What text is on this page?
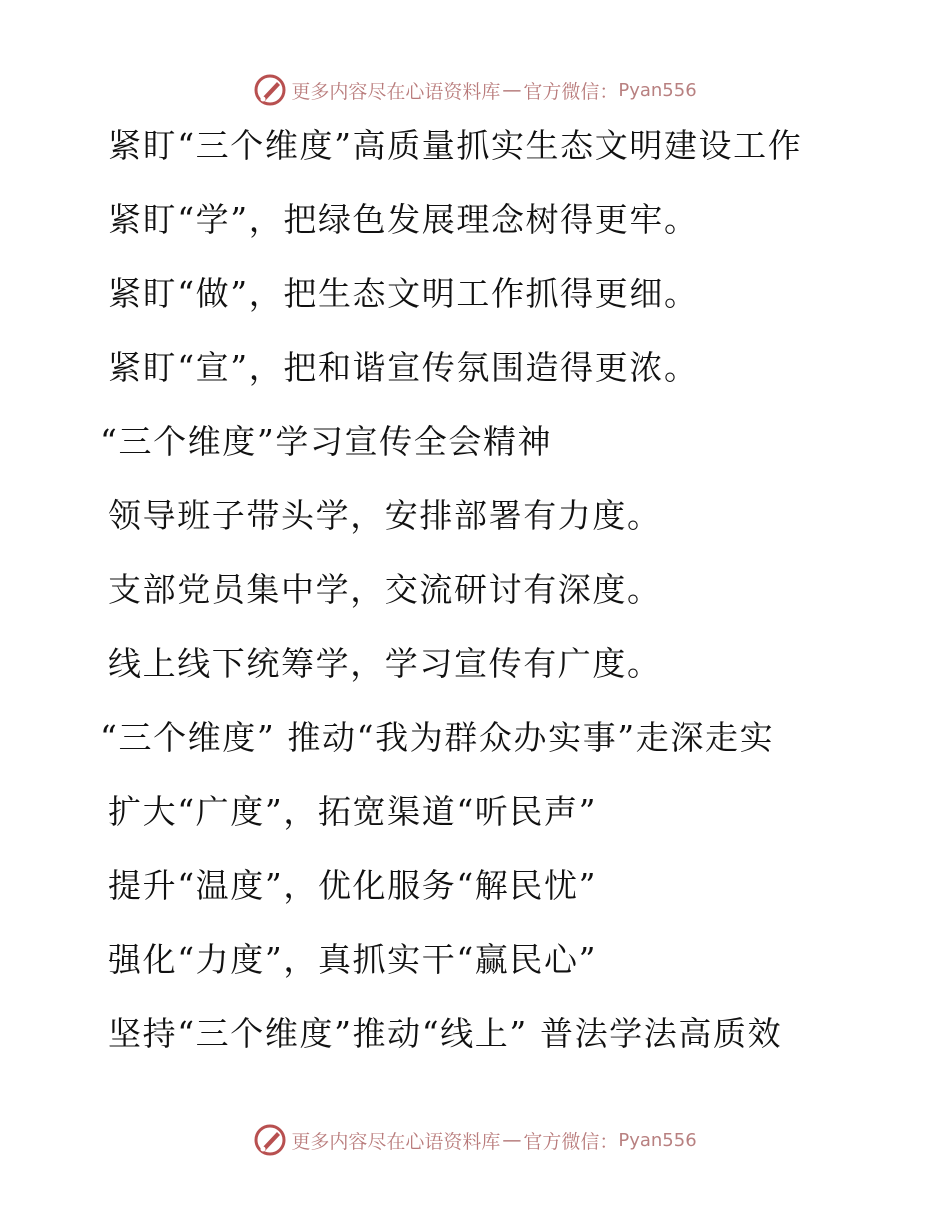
更多内容尽在心语资料库 — 官方微信： Pyan556
紧盯“三个维度”高质量抓实生态文明建设工作
紧盯“学”，把绿色发展理念树得更牢。
紧盯“做”，把生态文明工作抓得更细。
紧盯“宣”，把和谐宣传氛围造得更浓。
“三个维度”学习宣传全会精神
领导班子带头学，安排部署有力度。
支部党员集中学，交流研讨有深度。
线上线下统筹学，学习宣传有广度。
“三个维度” 推动“我为群众办实事”走深走实
扩大“广度”，拓宽渠道“听民声”
提升“温度”，优化服务“解民忧”
强化“力度”，真抓实干“赢民心”
坚持“三个维度”推动“线上” 普法学法高质效
更多内容尽在心语资料库 — 官方微信： Pyan556
